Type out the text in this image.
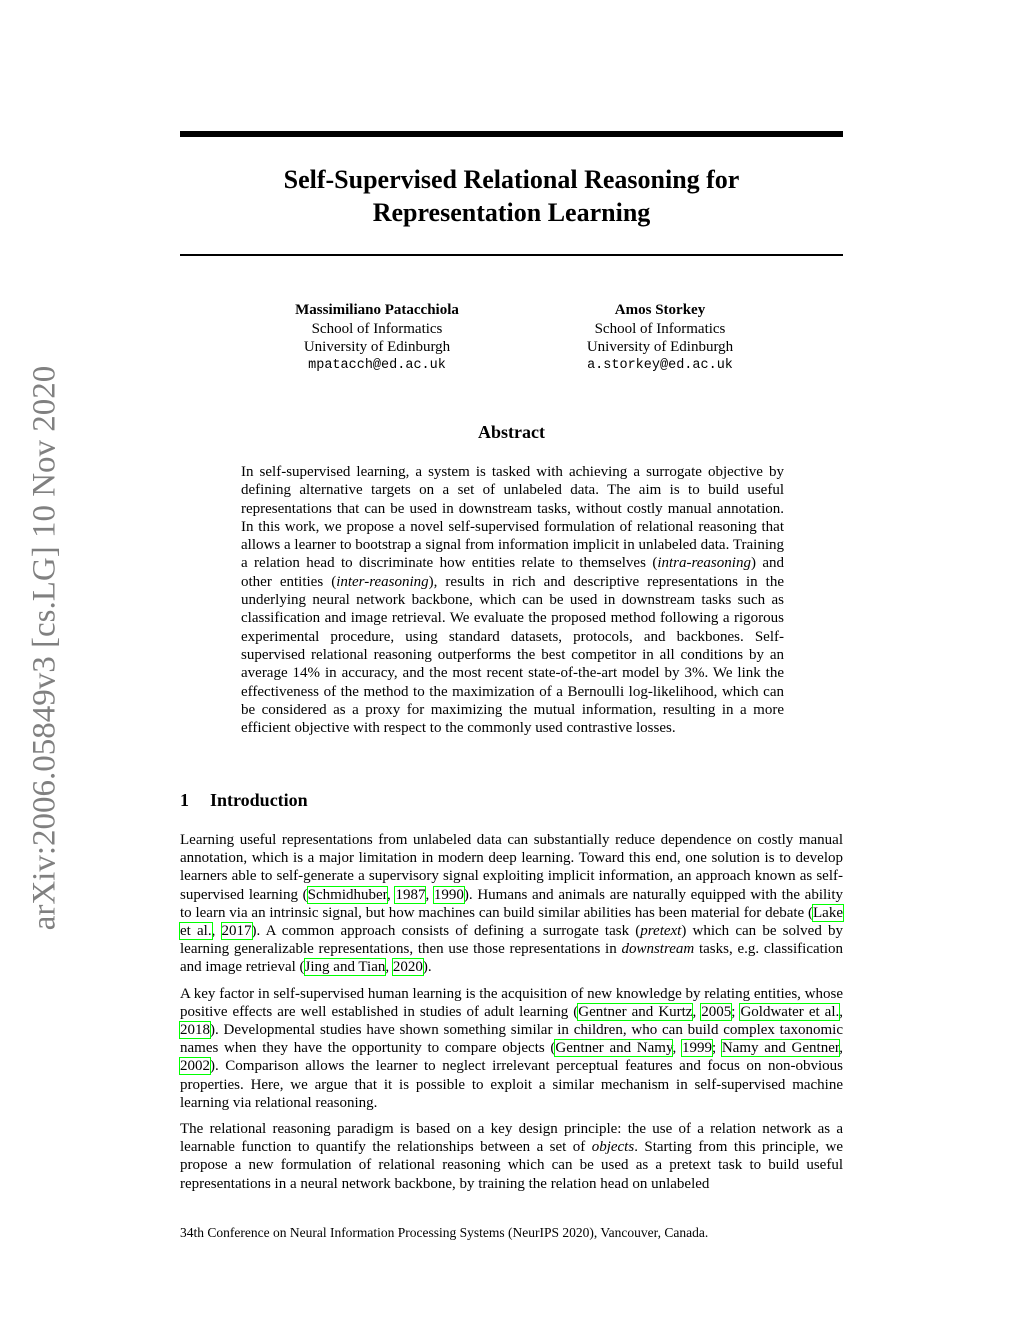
arXiv:2006.05849v3 [cs.LG] 10 Nov 2020
Self-Supervised Relational Reasoning for
Representation Learning
Massimiliano Patacchiola
School of Informatics
University of Edinburgh
mpatacch@ed.ac.uk
Amos Storkey
School of Informatics
University of Edinburgh
a.storkey@ed.ac.uk
Abstract

In self-supervised learning, a system is tasked with achieving a surrogate objective by defining alternative targets on a set of unlabeled data. The aim is to build useful representations that can be used in downstream tasks, without costly manual annotation. In this work, we propose a novel self-supervised formulation of relational reasoning that allows a learner to bootstrap a signal from information implicit in unlabeled data. Training a relation head to discriminate how entities relate to themselves (intra-reasoning) and other entities (inter-reasoning), results in rich and descriptive representations in the underlying neural network backbone, which can be used in downstream tasks such as classification and image retrieval. We evaluate the proposed method following a rigorous experimental procedure, using standard datasets, protocols, and backbones. Self-supervised relational reasoning outperforms the best competitor in all conditions by an average 14% in accuracy, and the most recent state-of-the-art model by 3%. We link the effectiveness of the method to the maximization of a Bernoulli log-likelihood, which can be considered as a proxy for maximizing the mutual information, resulting in a more efficient objective with respect to the commonly used contrastive losses.

1 Introduction

Learning useful representations from unlabeled data can substantially reduce dependence on costly manual annotation, which is a major limitation in modern deep learning. Toward this end, one solution is to develop learners able to self-generate a supervisory signal exploiting implicit information, an approach known as self-supervised learning (Schmidhuber, 1987, 1990). Humans and animals are naturally equipped with the ability to learn via an intrinsic signal, but how machines can build similar abilities has been material for debate (Lake et al., 2017). A common approach consists of defining a surrogate task (pretext) which can be solved by learning generalizable representations, then use those representations in downstream tasks, e.g. classification and image retrieval (Jing and Tian, 2020).

A key factor in self-supervised human learning is the acquisition of new knowledge by relating entities, whose positive effects are well established in studies of adult learning (Gentner and Kurtz, 2005; Goldwater et al., 2018). Developmental studies have shown something similar in children, who can build complex taxonomic names when they have the opportunity to compare objects (Gentner and Namy, 1999; Namy and Gentner, 2002). Comparison allows the learner to neglect irrelevant perceptual features and focus on non-obvious properties. Here, we argue that it is possible to exploit a similar mechanism in self-supervised machine learning via relational reasoning.

The relational reasoning paradigm is based on a key design principle: the use of a relation network as a learnable function to quantify the relationships between a set of objects. Starting from this principle, we propose a new formulation of relational reasoning which can be used as a pretext task to build useful representations in a neural network backbone, by training the relation head on unlabeled

34th Conference on Neural Information Processing Systems (NeurIPS 2020), Vancouver, Canada.
